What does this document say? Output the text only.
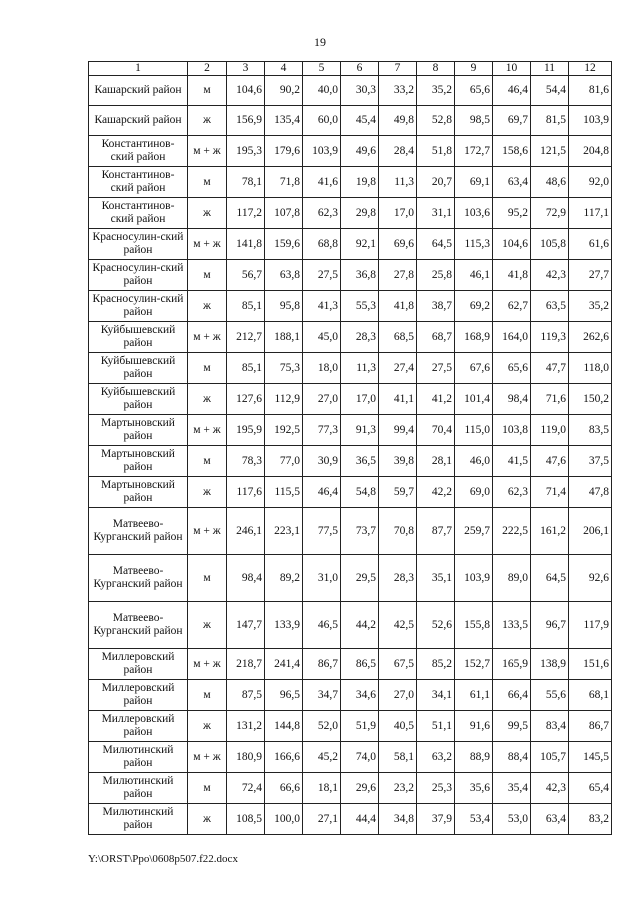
19
1	2	3	4	5	6	7	8	9	10	11	12
Кашарский район	м	104,6	90,2	40,0	30,3	33,2	35,2	65,6	46,4	54,4	81,6
Кашарский район	ж	156,9	135,4	60,0	45,4	49,8	52,8	98,5	69,7	81,5	103,9
Константинов-ский район	м + ж	195,3	179,6	103,9	49,6	28,4	51,8	172,7	158,6	121,5	204,8
Константинов-ский район	м	78,1	71,8	41,6	19,8	11,3	20,7	69,1	63,4	48,6	92,0
Константинов-ский район	ж	117,2	107,8	62,3	29,8	17,0	31,1	103,6	95,2	72,9	117,1
Красносулин-ский район	м + ж	141,8	159,6	68,8	92,1	69,6	64,5	115,3	104,6	105,8	61,6
Красносулин-ский район	м	56,7	63,8	27,5	36,8	27,8	25,8	46,1	41,8	42,3	27,7
Красносулин-ский район	ж	85,1	95,8	41,3	55,3	41,8	38,7	69,2	62,7	63,5	35,2
Куйбышевский район	м + ж	212,7	188,1	45,0	28,3	68,5	68,7	168,9	164,0	119,3	262,6
Куйбышевский район	м	85,1	75,3	18,0	11,3	27,4	27,5	67,6	65,6	47,7	118,0
Куйбышевский район	ж	127,6	112,9	27,0	17,0	41,1	41,2	101,4	98,4	71,6	150,2
Мартыновский район	м + ж	195,9	192,5	77,3	91,3	99,4	70,4	115,0	103,8	119,0	83,5
Мартыновский район	м	78,3	77,0	30,9	36,5	39,8	28,1	46,0	41,5	47,6	37,5
Мартыновский район	ж	117,6	115,5	46,4	54,8	59,7	42,2	69,0	62,3	71,4	47,8
Матвеево-Курганский район	м + ж	246,1	223,1	77,5	73,7	70,8	87,7	259,7	222,5	161,2	206,1
Матвеево-Курганский район	м	98,4	89,2	31,0	29,5	28,3	35,1	103,9	89,0	64,5	92,6
Матвеево-Курганский район	ж	147,7	133,9	46,5	44,2	42,5	52,6	155,8	133,5	96,7	117,9
Миллеровский район	м + ж	218,7	241,4	86,7	86,5	67,5	85,2	152,7	165,9	138,9	151,6
Миллеровский район	м	87,5	96,5	34,7	34,6	27,0	34,1	61,1	66,4	55,6	68,1
Миллеровский район	ж	131,2	144,8	52,0	51,9	40,5	51,1	91,6	99,5	83,4	86,7
Милютинский район	м + ж	180,9	166,6	45,2	74,0	58,1	63,2	88,9	88,4	105,7	145,5
Милютинский район	м	72,4	66,6	18,1	29,6	23,2	25,3	35,6	35,4	42,3	65,4
Милютинский район	ж	108,5	100,0	27,1	44,4	34,8	37,9	53,4	53,0	63,4	83,2
Y:\ORST\Ppo\0608p507.f22.docx
